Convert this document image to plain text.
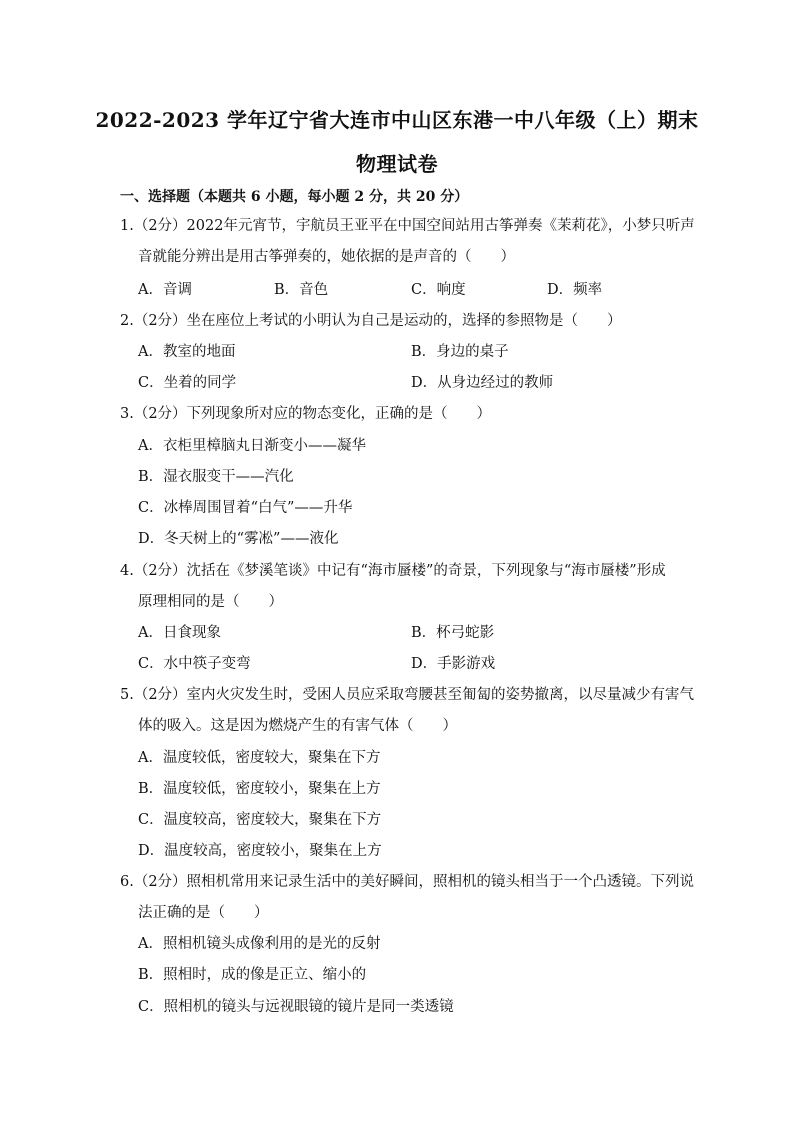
2022-2023 学年辽宁省大连市中山区东港一中八年级（上）期末
物理试卷
一、选择题（本题共 6 小题，每小题 2 分，共 20 分）
1.（2分）2022年元宵节，宇航员王亚平在中国空间站用古筝弹奏《茉莉花》，小梦只听声
音就能分辨出是用古筝弹奏的，她依据的是声音的（　　）
A．音调	B．音色	C．响度	D．频率
2.（2分）坐在座位上考试的小明认为自己是运动的，选择的参照物是（　　）
A．教室的地面	B．身边的桌子
C．坐着的同学	D．从身边经过的教师
3.（2分）下列现象所对应的物态变化，正确的是（　　）
A．衣柜里樟脑丸日渐变小——凝华
B．湿衣服变干——汽化
C．冰棒周围冒着“白气”——升华
D．冬天树上的“雾凇”——液化
4.（2分）沈括在《梦溪笔谈》中记有“海市蜃楼”的奇景，下列现象与“海市蜃楼”形成
原理相同的是（　　）
A．日食现象	B．杯弓蛇影
C．水中筷子变弯	D．手影游戏
5.（2分）室内火灾发生时，受困人员应采取弯腰甚至匍匐的姿势撤离，以尽量减少有害气
体的吸入。这是因为燃烧产生的有害气体（　　）
A．温度较低，密度较大，聚集在下方
B．温度较低，密度较小，聚集在上方
C．温度较高，密度较大，聚集在下方
D．温度较高，密度较小，聚集在上方
6.（2分）照相机常用来记录生活中的美好瞬间，照相机的镜头相当于一个凸透镜。下列说
法正确的是（　　）
A．照相机镜头成像利用的是光的反射
B．照相时，成的像是正立、缩小的
C．照相机的镜头与远视眼镜的镜片是同一类透镜
